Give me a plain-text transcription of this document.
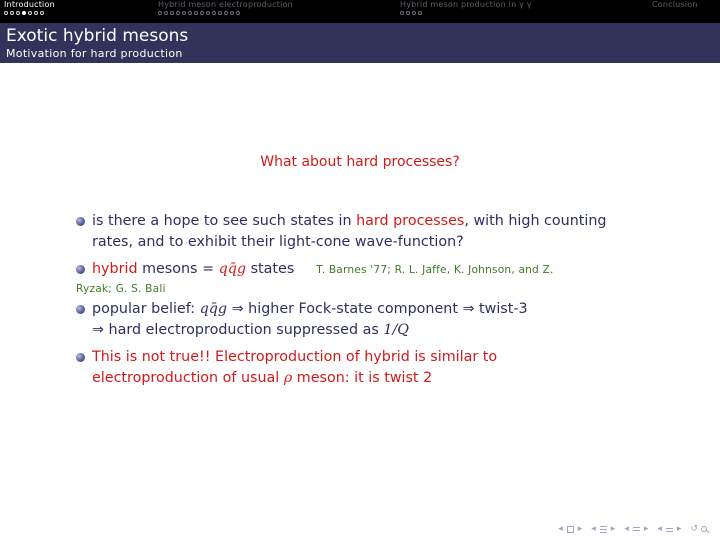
Introduction	Hybrid meson electroproduction	Hybrid meson production in γ γ	Conclusion
Exotic hybrid mesons
Motivation for hard production
What about hard processes?
is there a hope to see such states in hard processes, with high counting
rates, and to exhibit their light-cone wave-function?
hybrid mesons = qq̄g states T. Barnes '77; R. L. Jaffe, K. Johnson, and Z.
Ryzak; G. S. Bali
popular belief: qq̄g ⇒ higher Fock-state component ⇒ twist-3
⇒ hard electroproduction suppressed as 1/Q
This is not true!! Electroproduction of hybrid is similar to
electroproduction of usual ρ meson: it is twist 2
◂ ▸ ◂ ▸ ◂ ▸ ◂ ▸ ↺
